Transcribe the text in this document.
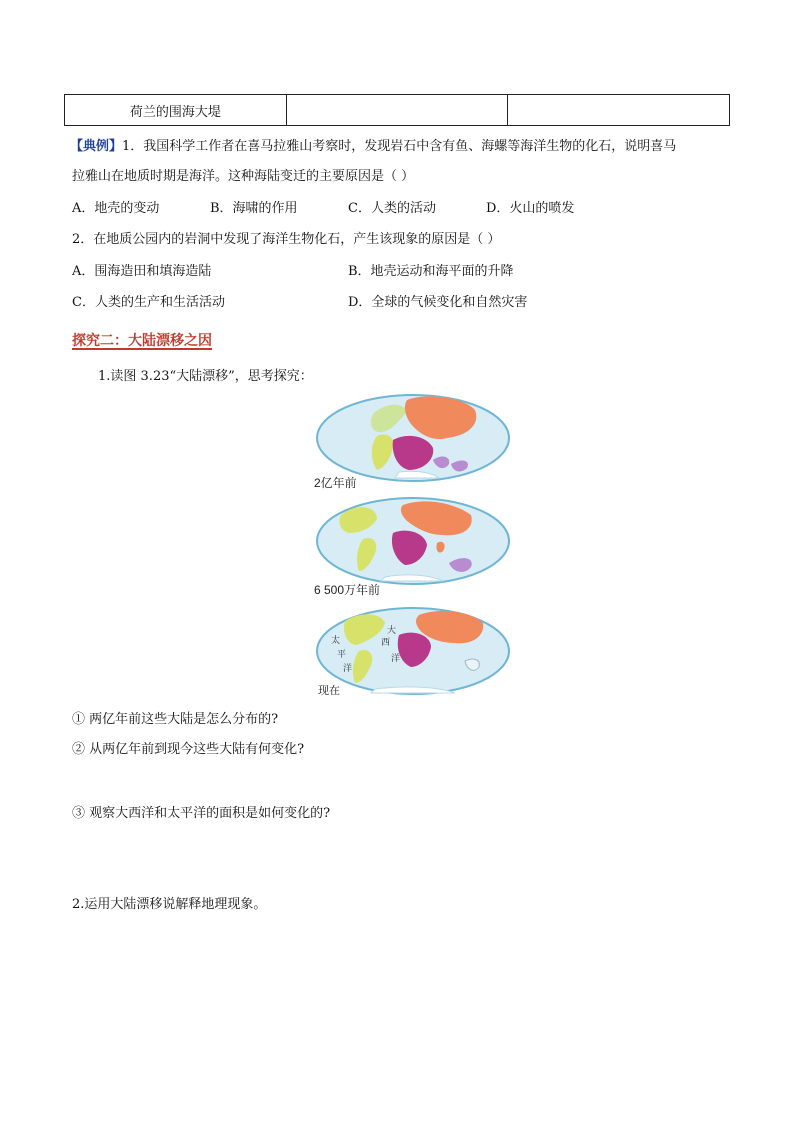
荷兰的围海大堤		
【典例】1．我国科学工作者在喜马拉雅山考察时，发现岩石中含有鱼、海螺等海洋生物的化石，说明喜马
拉雅山在地质时期是海洋。这种海陆变迁的主要原因是（ ）
A．地壳的变动	B．海啸的作用	C．人类的活动	D．火山的喷发
2．在地质公园内的岩洞中发现了海洋生物化石，产生该现象的原因是（ ）
A．围海造田和填海造陆	B．地壳运动和海平面的升降
C．人类的生产和生活活动	D．全球的气候变化和自然灾害
探究二：大陆漂移之因
1.读图 3.23“大陆漂移”，思考探究：
2亿年前
6 500万年前
太
平
洋
大
西
洋
现在
① 两亿年前这些大陆是怎么分布的?
② 从两亿年前到现今这些大陆有何变化?
③ 观察大西洋和太平洋的面积是如何变化的?
2.运用大陆漂移说解释地理现象。
